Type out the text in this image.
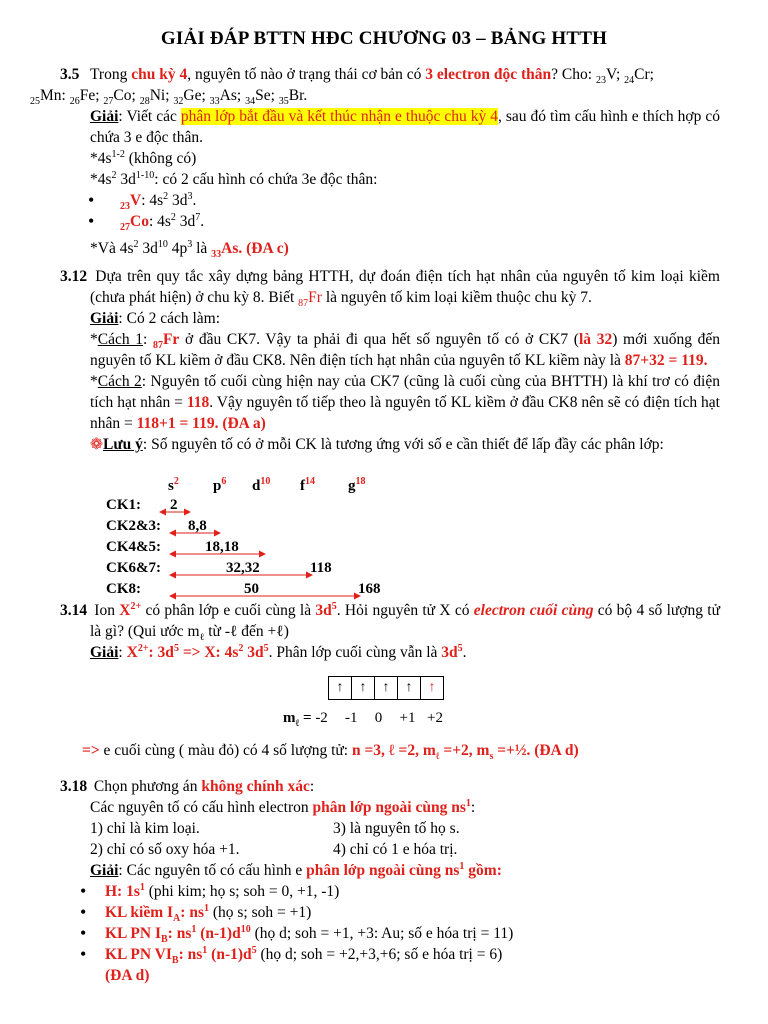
GIẢI ĐÁP BTTN HĐC CHƯƠNG 03 – BẢNG HTTH
3.5 Trong chu kỳ 4, nguyên tố nào ở trạng thái cơ bản có 3 electron độc thân? Cho: $_{23}$V; $_{24}$Cr;
$_{25}$Mn: $_{26}$Fe; $_{27}$Co; $_{28}$Ni; $_{32}$Ge; $_{33}$As; $_{34}$Se; $_{35}$Br.
Giải: Viết các phân lớp bắt đầu và kết thúc nhận e thuộc chu kỳ 4, sau đó tìm cấu hình e thích hợp có chứa 3 e độc thân.
$*4s^{1-2}$ (không có)
$*4s^2$ $3d^{1-10}$: có 2 cấu hình có chứa 3e độc thân:
• $_{23}$V: $4s^2$ $3d^3$.
• $_{27}$Co: $4s^2$ $3d^7$.
*Và $4s^2$ $3d^{10}$ $4p^3$ là $_{33}$As. (ĐA c)
3.12 Dựa trên quy tắc xây dựng bảng HTTH, dự đoán điện tích hạt nhân của nguyên tố kim loại kiềm (chưa phát hiện) ở chu kỳ 8. Biết $_{87}$Fr là nguyên tố kim loại kiềm thuộc chu kỳ 7.
Giải: Có 2 cách làm:
*Cách 1: $_{87}$Fr ở đầu CK7. Vậy ta phải đi qua hết số nguyên tố có ở CK7 (là 32) mới xuống đến nguyên tố KL kiềm ở đầu CK8. Nên điện tích hạt nhân của nguyên tố KL kiềm này là 87+32 = 119.
*Cách 2: Nguyên tố cuối cùng hiện nay của CK7 (cũng là cuối cùng của BHTTH) là khí trơ có điện tích hạt nhân = 118. Vậy nguyên tố tiếp theo là nguyên tố KL kiềm ở đầu CK8 nên sẽ có điện tích hạt nhân = 118+1 = 119. (ĐA a)
❁Lưu ý: Số nguyên tố có ở mỗi CK là tương ứng với số e cần thiết để lấp đầy các phân lớp:
$s^2$ $p^6$ $d^{10}$ $f^{14}$ $g^{18}$
CK1: 2
CK2&3: 8,8
CK4&5:	18,18
CK6&7:	32,32	118
CK8:	50	168
3.14 Ion $X^{2+}$ có phân lớp e cuối cùng là $3d^5$. Hỏi nguyên tử X có electron cuối cùng có bộ 4 số lượng tử là gì? (Qui ước $m_\ell$ từ -ℓ đến +ℓ)
Giải: $X^{2+}$: $3d^5 => X$: $4s^2$ $3d^5$. Phân lớp cuối cùng vẫn là $3d^5$.
↑	↑	↑	↑	↑
$m_\ell = -2$   -1   0   +1  +2
=> e cuối cùng ( màu đỏ) có 4 số lượng tử: n =3, ℓ =2, $m_\ell =+2$, $m_s$ =+½. (ĐA d)
3.18 Chọn phương án không chính xác:
Các nguyên tố có cấu hình electron phân lớp ngoài cùng $ns^1$:
1) chỉ là kim loại.	3) là nguyên tố họ s.
2) chỉ có số oxy hóa +1.	4) chỉ có 1 e hóa trị.
Giải: Các nguyên tố có cấu hình e phân lớp ngoài cùng $ns^1$ gồm:
• H: $1s^1$ (phi kim; họ s; soh = 0, +1, -1)
• KL kiềm $I_A$: $ns^1$ (họ s; soh = +1)
• KL PN $I_B$: $ns^1$ $(n-1)d^{10}$ (họ d; soh = +1, +3: Au; số e hóa trị = 11)
• KL PN $VI_B$: $ns^1$ $(n-1)d^5$ (họ d; soh = +2,+3,+6; số e hóa trị = 6)
(ĐA d)
